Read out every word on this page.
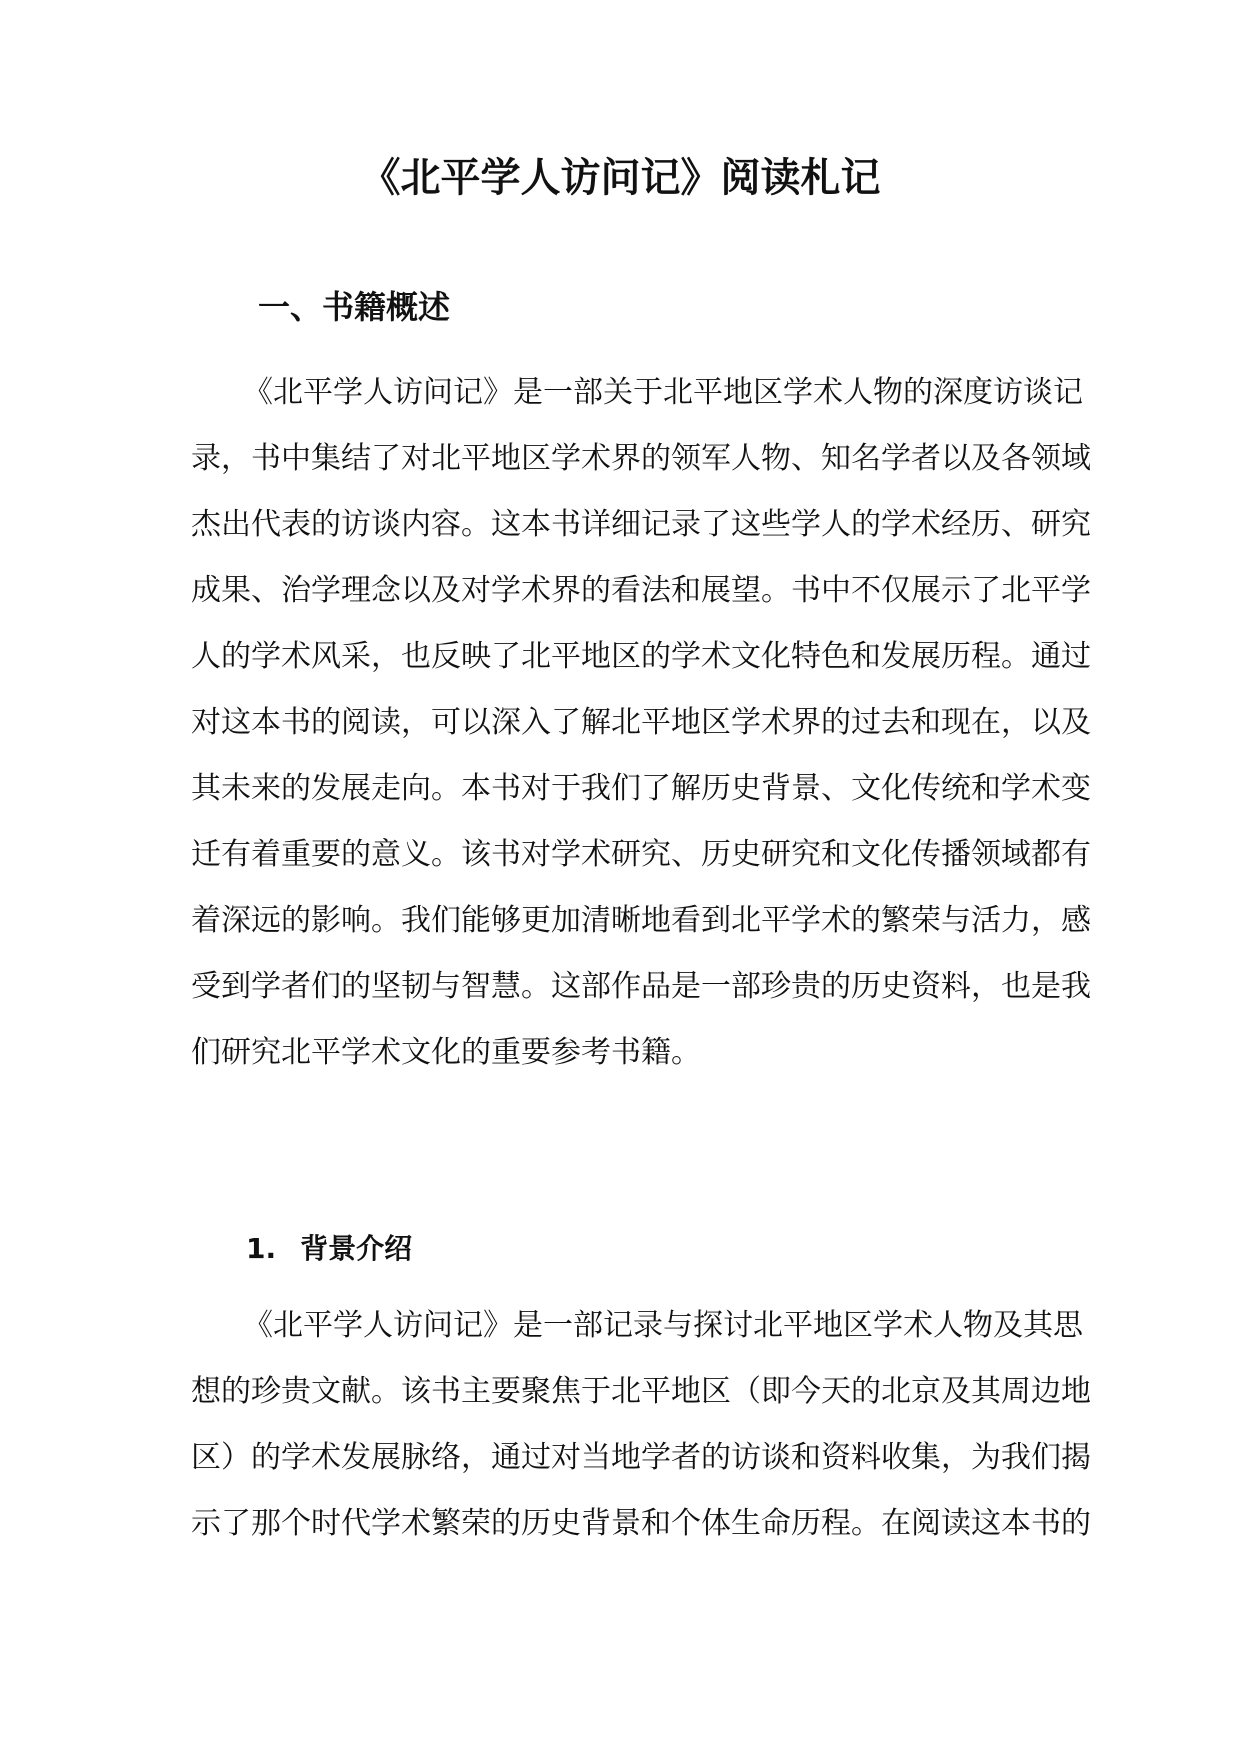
《北平学人访问记》阅读札记
一、书籍概述
《北平学人访问记》是一部关于北平地区学术人物的深度访谈记
录，书中集结了对北平地区学术界的领军人物、知名学者以及各领域
杰出代表的访谈内容。这本书详细记录了这些学人的学术经历、研究
成果、治学理念以及对学术界的看法和展望。书中不仅展示了北平学
人的学术风采，也反映了北平地区的学术文化特色和发展历程。通过
对这本书的阅读，可以深入了解北平地区学术界的过去和现在，以及
其未来的发展走向。本书对于我们了解历史背景、文化传统和学术变
迁有着重要的意义。该书对学术研究、历史研究和文化传播领域都有
着深远的影响。我们能够更加清晰地看到北平学术的繁荣与活力，感
受到学者们的坚韧与智慧。这部作品是一部珍贵的历史资料，也是我
们研究北平学术文化的重要参考书籍。
1. 背景介绍
《北平学人访问记》是一部记录与探讨北平地区学术人物及其思
想的珍贵文献。该书主要聚焦于北平地区（即今天的北京及其周边地
区）的学术发展脉络，通过对当地学者的访谈和资料收集，为我们揭
示了那个时代学术繁荣的历史背景和个体生命历程。在阅读这本书的
